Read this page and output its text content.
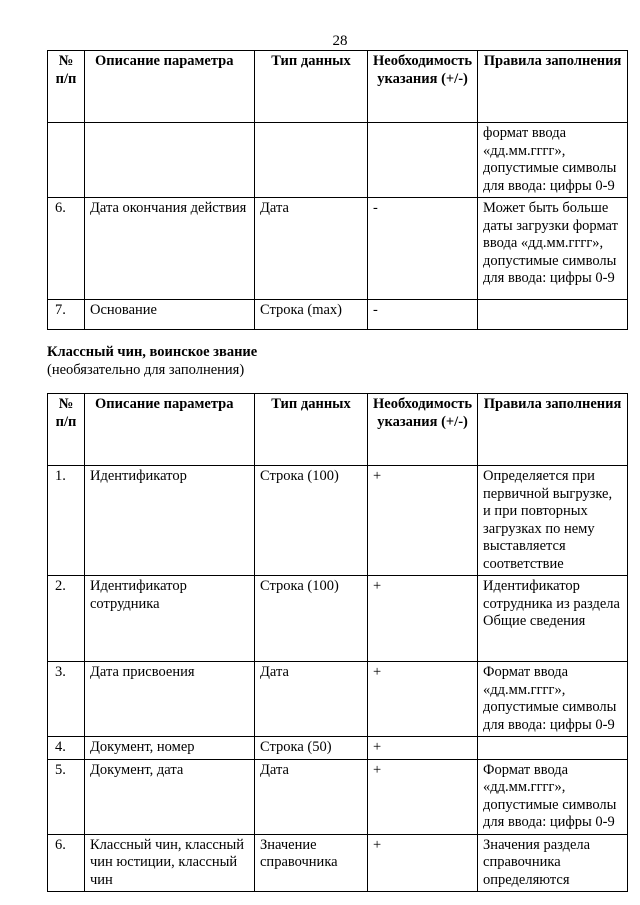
28
№ п/п	Описание параметра	Тип данных	Необходимость указания (+/-)	Правила заполнения
				формат ввода «дд.мм.гггг», допустимые символы для ввода: цифры 0-9
6.	Дата окончания действия	Дата	-	Может быть больше даты загрузки формат ввода «дд.мм.гггг», допустимые символы для ввода: цифры 0-9
7.	Основание	Строка (max)	-	
Классный чин, воинское звание
(необязательно для заполнения)
№ п/п	Описание параметра	Тип данных	Необходимость указания (+/-)	Правила заполнения
1.	Идентификатор	Строка (100)	+	Определяется при первичной выгрузке, и при повторных загрузках по нему выставляется соответствие
2.	Идентификатор сотрудника	Строка (100)	+	Идентификатор сотрудника из раздела Общие сведения
3.	Дата присвоения	Дата	+	Формат ввода «дд.мм.гггг», допустимые символы для ввода: цифры 0-9
4.	Документ, номер	Строка (50)	+	
5.	Документ, дата	Дата	+	Формат ввода «дд.мм.гггг», допустимые символы для ввода: цифры 0-9
6.	Классный чин, классный чин юстиции, классный чин	Значение справочника	+	Значения раздела справочника определяются
